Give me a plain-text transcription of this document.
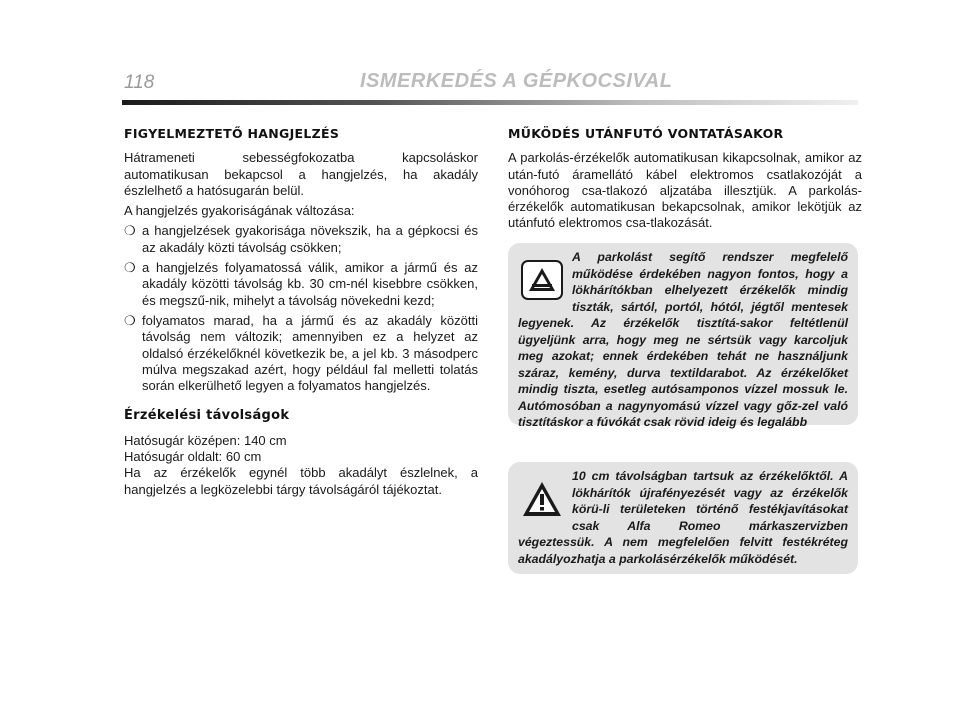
118	ISMERKEDÉS A GÉPKOCSIVAL
FIGYELMEZTETŐ HANGJELZÉS

Hátrameneti sebességfokozatba kapcsoláskor automatikusan bekapcsol a hangjelzés, ha akadály észlelhető a hatósugarán belül.

A hangjelzés gyakoriságának változása:

❍ a hangjelzések gyakorisága növekszik, ha a gépkocsi és az akadály közti távolság csökken;
❍ a hangjelzés folyamatossá válik, amikor a jármű és az akadály közötti távolság kb. 30 cm-nél kisebbre csökken, és megszű-nik, mihelyt a távolság növekedni kezd;
❍ folyamatos marad, ha a jármű és az akadály közötti távolság nem változik; amennyiben ez a helyzet az oldalsó érzékelőknél következik be, a jel kb. 3 másodperc múlva megszakad azért, hogy például fal melletti tolatás során elkerülhető legyen a folyamatos hangjelzés.
Érzékelési távolságok

Hatósugár középen: 140 cm

Hatósugár oldalt: 60 cm

Ha az érzékelők egynél több akadályt észlelnek, a hangjelzés a legközelebbi tárgy távolságáról tájékoztat.

MŰKÖDÉS UTÁNFUTÓ VONTATÁSAKOR

A parkolás-érzékelők automatikusan kikapcsolnak, amikor az után-futó áramellátó kábel elektromos csatlakozóját a vonóhorog csa-tlakozó aljzatába illesztjük. A parkolás-érzékelők automatikusan bekapcsolnak, amikor lekötjük az utánfutó elektromos csa-tlakozását.

A parkolást segítő rendszer megfelelő működése érdekében nagyon fontos, hogy a lökhárítókban elhelyezett érzékelők mindig tiszták, sártól, portól, hótól, jégtől mentesek legyenek. Az érzékelők tisztítá-sakor feltétlenül ügyeljünk arra, hogy meg ne sértsük vagy karcoljuk meg azokat; ennek érdekében tehát ne használjunk száraz, kemény, durva textildarabot. Az érzékelőket mindig tiszta, esetleg autósamponos vízzel mossuk le. Autómosóban a nagynyomású vízzel vagy gőz-zel való tisztításkor a fúvókát csak rövid ideig és legalább
10 cm távolságban tartsuk az érzékelőktől. A lökhárítók újrafényezését vagy az érzékelők körü-li területeken történő festékjavításokat csak Alfa Romeo márkaszervizben végeztessük. A nem megfelelően felvitt festékréteg akadályozhatja a parkolásérzékelők működését.
